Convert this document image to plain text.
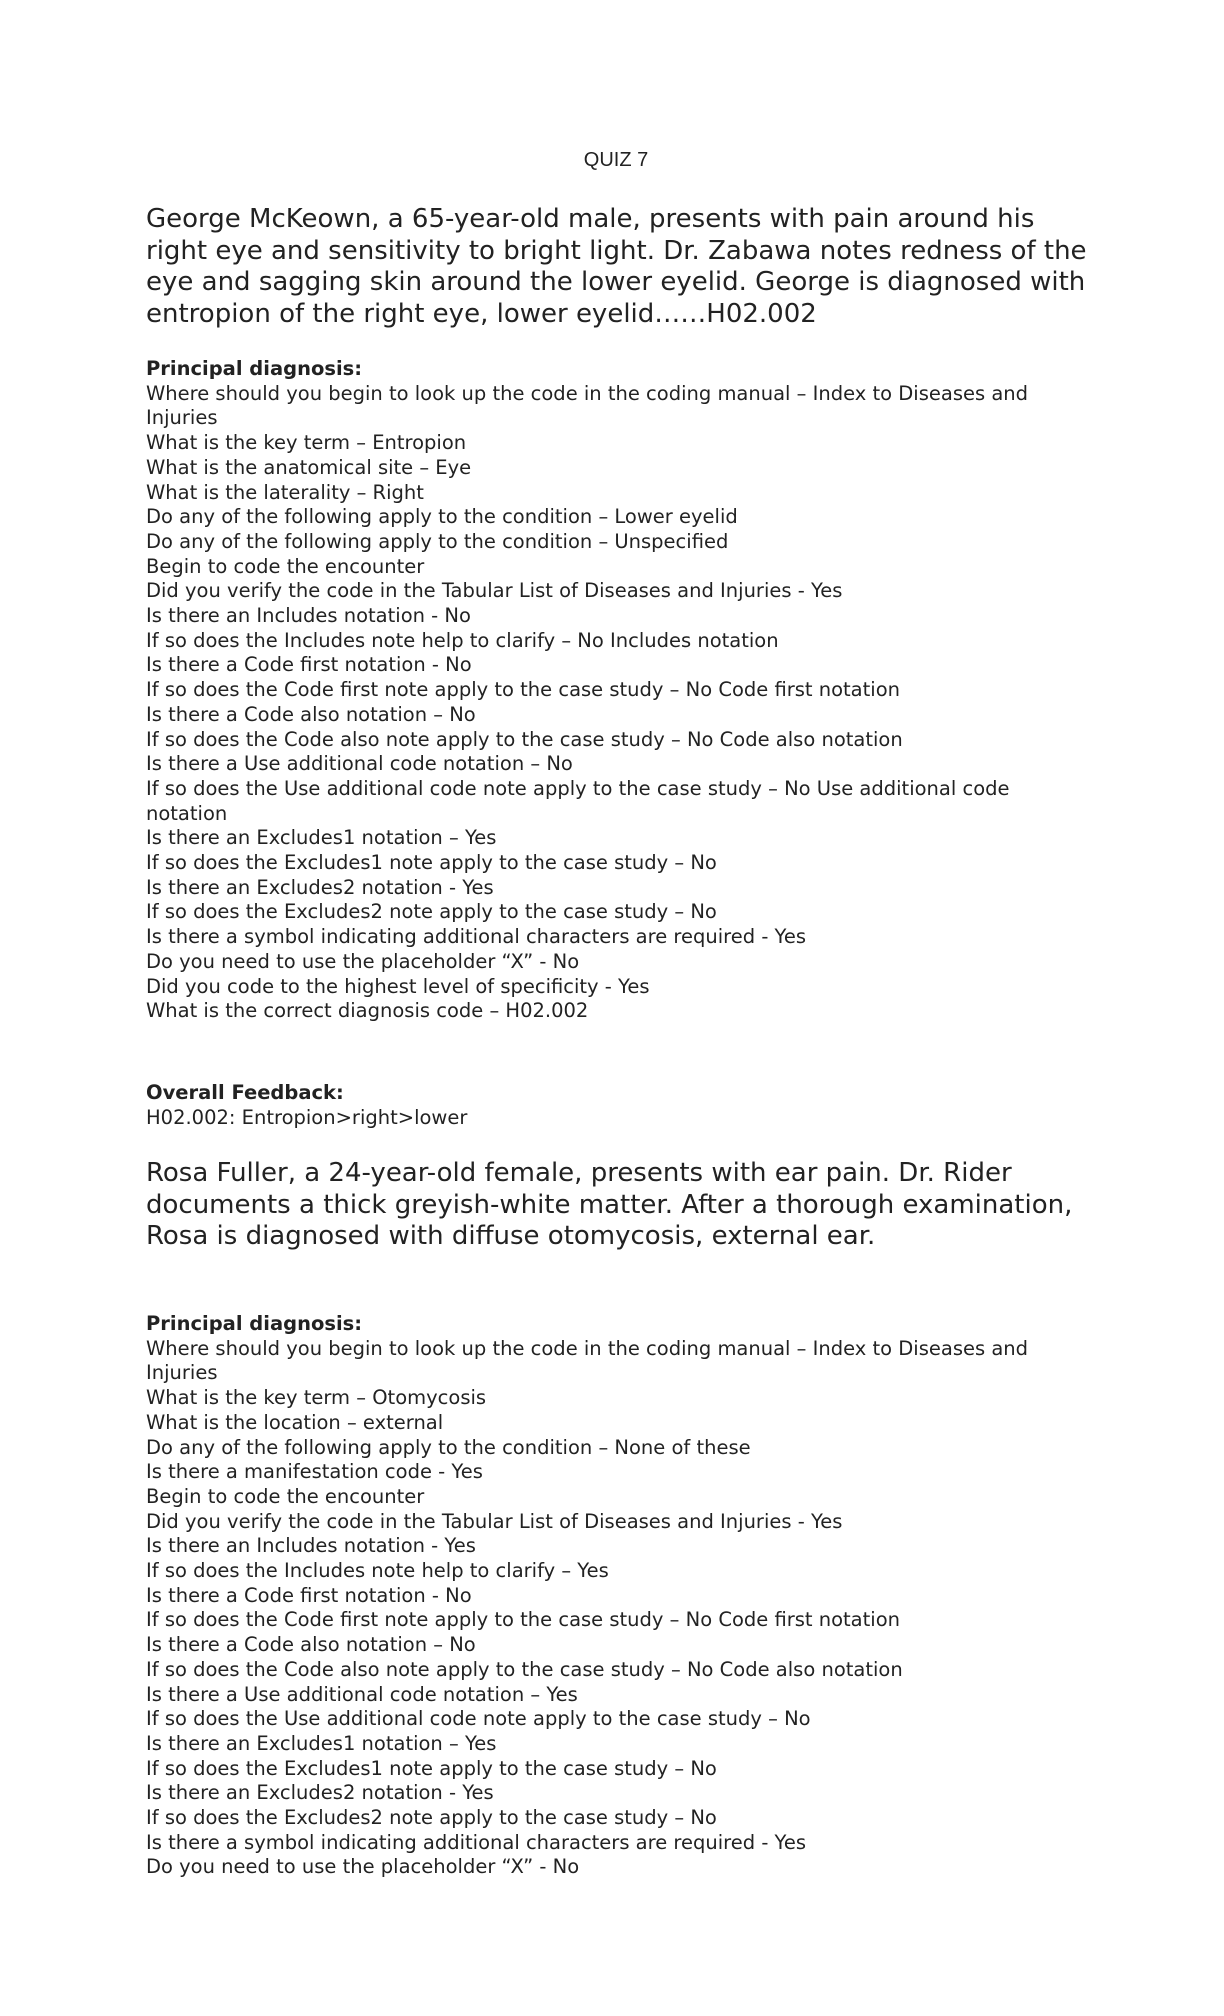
QUIZ 7

George McKeown, a 65-year-old male, presents with pain around his right eye and sensitivity to bright light. Dr. Zabawa notes redness of the eye and sagging skin around the lower eyelid. George is diagnosed with entropion of the right eye, lower eyelid……H02.002

Principal diagnosis:

Where should you begin to look up the code in the coding manual – Index to Diseases and Injuries
What is the key term – Entropion
What is the anatomical site – Eye
What is the laterality – Right
Do any of the following apply to the condition – Lower eyelid
Do any of the following apply to the condition – Unspecified
Begin to code the encounter
Did you verify the code in the Tabular List of Diseases and Injuries - Yes
Is there an Includes notation - No
If so does the Includes note help to clarify – No Includes notation
Is there a Code first notation - No
If so does the Code first note apply to the case study – No Code first notation
Is there a Code also notation – No
If so does the Code also note apply to the case study – No Code also notation
Is there a Use additional code notation – No
If so does the Use additional code note apply to the case study – No Use additional code notation
Is there an Excludes1 notation – Yes
If so does the Excludes1 note apply to the case study – No
Is there an Excludes2 notation - Yes
If so does the Excludes2 note apply to the case study – No
Is there a symbol indicating additional characters are required - Yes
Do you need to use the placeholder “X” - No
Did you code to the highest level of specificity - Yes
What is the correct diagnosis code – H02.002

Overall Feedback:

H02.002: Entropion>right>lower

Rosa Fuller, a 24-year-old female, presents with ear pain. Dr. Rider documents a thick greyish-white matter. After a thorough examination, Rosa is diagnosed with diffuse otomycosis, external ear.

Principal diagnosis:

Where should you begin to look up the code in the coding manual – Index to Diseases and Injuries
What is the key term – Otomycosis
What is the location – external
Do any of the following apply to the condition – None of these
Is there a manifestation code - Yes
Begin to code the encounter
Did you verify the code in the Tabular List of Diseases and Injuries - Yes
Is there an Includes notation - Yes
If so does the Includes note help to clarify – Yes
Is there a Code first notation - No
If so does the Code first note apply to the case study – No Code first notation
Is there a Code also notation – No
If so does the Code also note apply to the case study – No Code also notation
Is there a Use additional code notation – Yes
If so does the Use additional code note apply to the case study – No
Is there an Excludes1 notation – Yes
If so does the Excludes1 note apply to the case study – No
Is there an Excludes2 notation - Yes
If so does the Excludes2 note apply to the case study – No
Is there a symbol indicating additional characters are required - Yes
Do you need to use the placeholder “X” - No
